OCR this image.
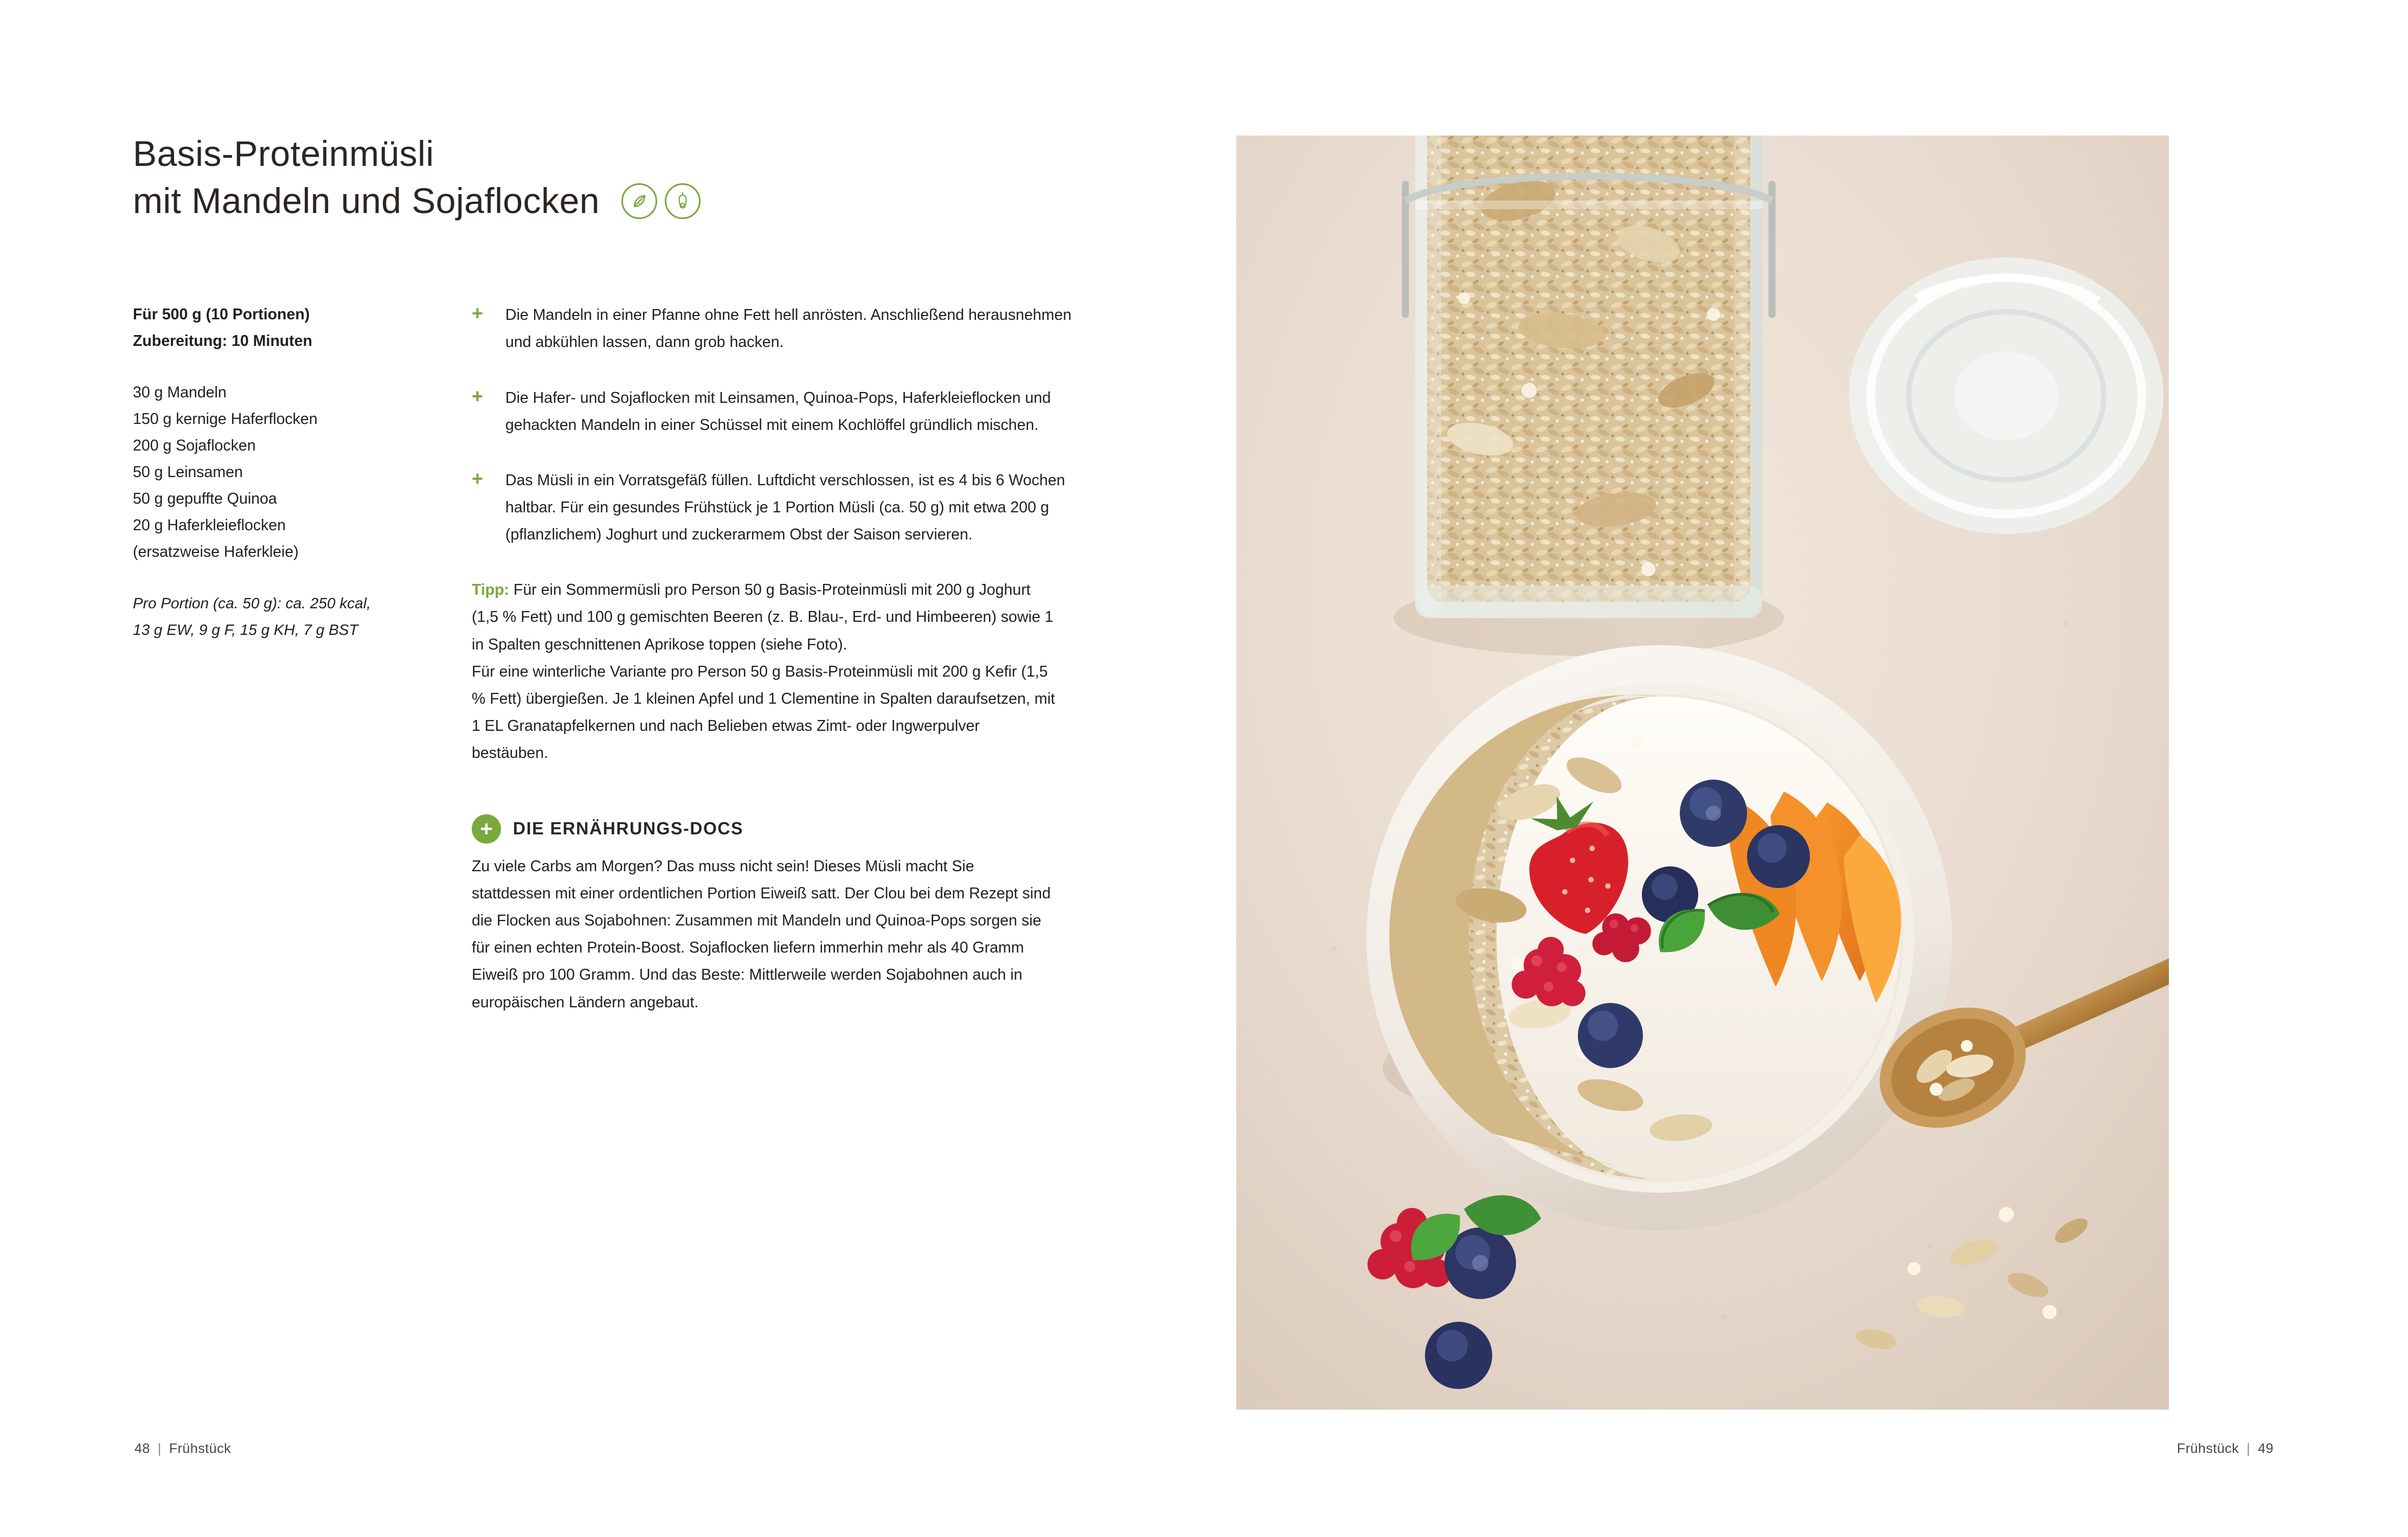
Basis-Proteinmüsli
mit Mandeln und Sojaflocken
Für 500 g (10 Portionen)
Zubereitung: 10 Minuten
30 g Mandeln
150 g kernige Haferflocken
200 g Sojaflocken
50 g Leinsamen
50 g gepuffte Quinoa
20 g Haferkleieflocken
(ersatzweise Haferkleie)
Pro Portion (ca. 50 g): ca. 250 kcal,
13 g EW, 9 g F, 15 g KH, 7 g BST
+ Die Mandeln in einer Pfanne ohne Fett hell anrösten. Anschließend herausnehmen und abkühlen lassen, dann grob hacken.
+ Die Hafer- und Sojaflocken mit Leinsamen, Quinoa-Pops, Haferkleieflocken und gehackten Mandeln in einer Schüssel mit einem Kochlöffel gründlich mischen.
+ Das Müsli in ein Vorratsgefäß füllen. Luftdicht verschlossen, ist es 4 bis 6 Wochen haltbar. Für ein gesundes Frühstück je 1 Portion Müsli (ca. 50 g) mit etwa 200 g (pflanzlichem) Joghurt und zuckerarmem Obst der Saison servieren.

Tipp: Für ein Sommermüsli pro Person 50 g Basis-Proteinmüsli mit 200 g Joghurt (1,5 % Fett) und 100 g gemischten Beeren (z. B. Blau-, Erd- und Himbeeren) sowie 1 in Spalten geschnittenen Aprikose toppen (siehe Foto).

Für eine winterliche Variante pro Person 50 g Basis-Proteinmüsli mit 200 g Kefir (1,5 % Fett) übergießen. Je 1 kleinen Apfel und 1 Clementine in Spalten daraufsetzen, mit 1 EL Granatapfelkernen und nach Belieben etwas Zimt- oder Ingwerpulver bestäuben.

+	DIE ERNÄHRUNGS-DOCS
Zu viele Carbs am Morgen? Das muss nicht sein! Dieses Müsli macht Sie stattdessen mit einer ordentlichen Portion Eiweiß satt. Der Clou bei dem Rezept sind die Flocken aus Sojabohnen: Zusammen mit Mandeln und Quinoa-Pops sorgen sie für einen echten Protein-Boost. Sojaflocken liefern immerhin mehr als 40 Gramm Eiweiß pro 100 Gramm. Und das Beste: Mittlerweile werden Sojabohnen auch in europäischen Ländern angebaut.
48 | Frühstück	Frühstück | 49
